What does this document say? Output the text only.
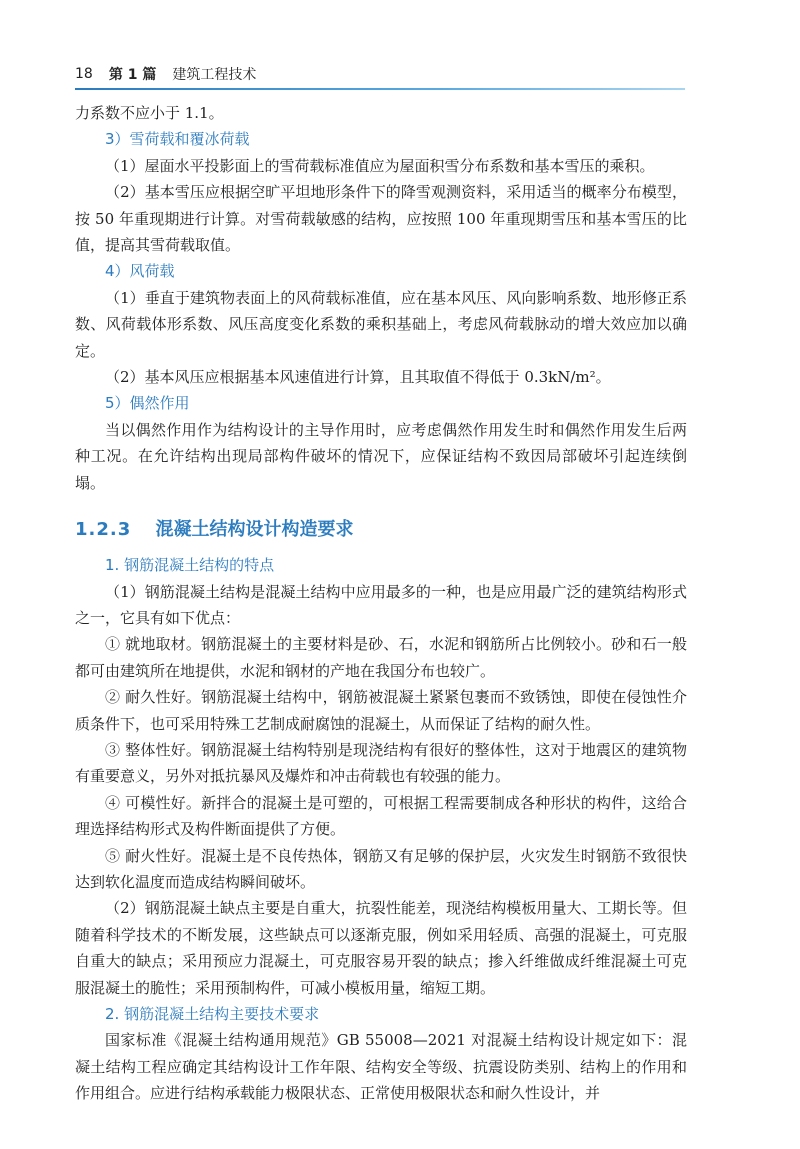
18 第 1 篇 建筑工程技术

力系数不应小于 1.1。

3）雪荷载和覆冰荷载

（1）屋面水平投影面上的雪荷载标准值应为屋面积雪分布系数和基本雪压的乘积。

（2）基本雪压应根据空旷平坦地形条件下的降雪观测资料，采用适当的概率分布模型，按 50 年重现期进行计算。对雪荷载敏感的结构，应按照 100 年重现期雪压和基本雪压的比值，提高其雪荷载取值。

4）风荷载

（1）垂直于建筑物表面上的风荷载标准值，应在基本风压、风向影响系数、地形修正系数、风荷载体形系数、风压高度变化系数的乘积基础上，考虑风荷载脉动的增大效应加以确定。

（2）基本风压应根据基本风速值进行计算，且其取值不得低于 0.3kN/m²。

5）偶然作用

当以偶然作用作为结构设计的主导作用时，应考虑偶然作用发生时和偶然作用发生后两种工况。在允许结构出现局部构件破坏的情况下，应保证结构不致因局部破坏引起连续倒塌。

1.2.3 混凝土结构设计构造要求
1. 钢筋混凝土结构的特点

（1）钢筋混凝土结构是混凝土结构中应用最多的一种，也是应用最广泛的建筑结构形式之一，它具有如下优点：

① 就地取材。钢筋混凝土的主要材料是砂、石，水泥和钢筋所占比例较小。砂和石一般都可由建筑所在地提供，水泥和钢材的产地在我国分布也较广。

② 耐久性好。钢筋混凝土结构中，钢筋被混凝土紧紧包裹而不致锈蚀，即使在侵蚀性介质条件下，也可采用特殊工艺制成耐腐蚀的混凝土，从而保证了结构的耐久性。

③ 整体性好。钢筋混凝土结构特别是现浇结构有很好的整体性，这对于地震区的建筑物有重要意义，另外对抵抗暴风及爆炸和冲击荷载也有较强的能力。

④ 可模性好。新拌合的混凝土是可塑的，可根据工程需要制成各种形状的构件，这给合理选择结构形式及构件断面提供了方便。

⑤ 耐火性好。混凝土是不良传热体，钢筋又有足够的保护层，火灾发生时钢筋不致很快达到软化温度而造成结构瞬间破坏。

（2）钢筋混凝土缺点主要是自重大，抗裂性能差，现浇结构模板用量大、工期长等。但随着科学技术的不断发展，这些缺点可以逐渐克服，例如采用轻质、高强的混凝土，可克服自重大的缺点；采用预应力混凝土，可克服容易开裂的缺点；掺入纤维做成纤维混凝土可克服混凝土的脆性；采用预制构件，可减小模板用量，缩短工期。

2. 钢筋混凝土结构主要技术要求

国家标准《混凝土结构通用规范》GB 55008—2021 对混凝土结构设计规定如下：混凝土结构工程应确定其结构设计工作年限、结构安全等级、抗震设防类别、结构上的作用和作用组合。应进行结构承载能力极限状态、正常使用极限状态和耐久性设计，并
